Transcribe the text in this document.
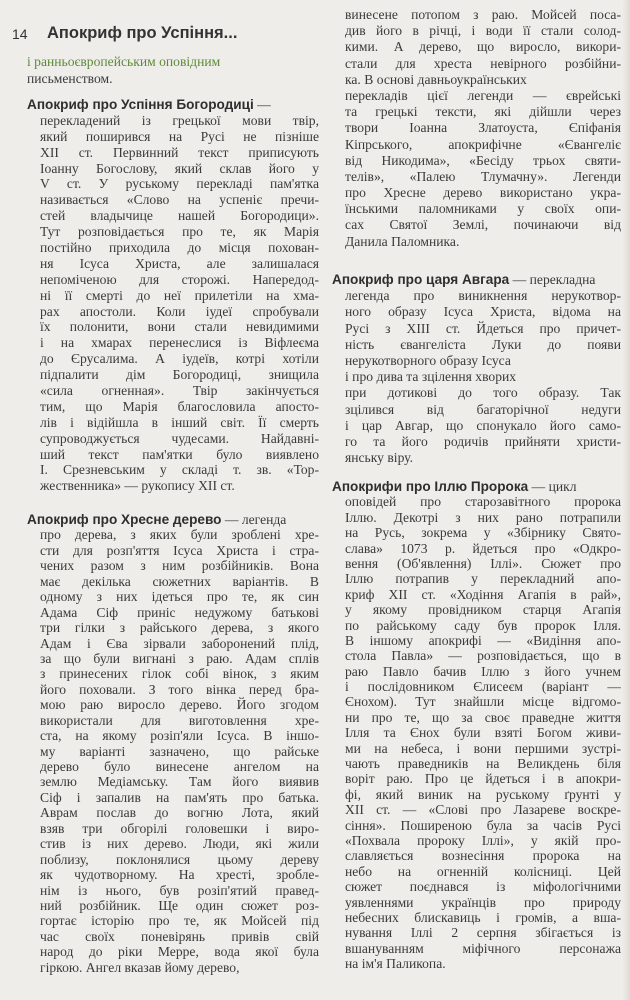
14 Апокриф про Успіння...
і ранньоєвропейським оповідним
письменством.
Апокриф про Успіння Богородиці —
перекладений із грецької мови твір,
який поширився на Русі не пізніше
XII ст. Первинний текст приписують
Іоанну Богослову, який склав його у
V ст. У руському перекладі пам'ятка
називається «Слово на успеніє пречи-
стей владычице нашей Богородици».
Тут розповідається про те, як Марія
постійно приходила до місця похован-
ня Ісуса Христа, але залишалася
непоміченою для сторожі. Напередод-
ні її смерті до неї прилетіли на хма-
рах апостоли. Коли іудеї спробували
їх полонити, вони стали невидимими
і на хмарах перенеслися із Віфлеєма
до Єрусалима. А іудеїв, котрі хотіли
підпалити дім Богородиці, знищила
«сила огненная». Твір закінчується
тим, що Марія благословила апосто-
лів і відійшла в інший світ. Її смерть
супроводжується чудесами. Найдавні-
ший текст пам'ятки було виявлено
І. Срезневським у складі т. зв. «Тор-
жественника» — рукопису XII ст.
Апокриф про Хресне дерево — легенда
про дерева, з яких були зроблені хре-
сти для розп'яття Ісуса Христа і стра-
чених разом з ним розбійників. Вона
має декілька сюжетних варіантів. В
одному з них ідеться про те, як син
Адама Сіф приніс недужому батькові
три гілки з райського дерева, з якого
Адам і Єва зірвали заборонений плід,
за що були вигнані з раю. Адам сплів
з принесених гілок собі вінок, з яким
його поховали. З того вінка перед бра-
мою раю виросло дерево. Його згодом
використали для виготовлення хре-
ста, на якому розіп'яли Ісуса. В іншо-
му варіанті зазначено, що райське
дерево було винесене ангелом на
землю Медіамську. Там його виявив
Сіф і запалив на пам'ять про батька.
Аврам послав до вогню Лота, який
взяв три обгорілі головешки і виро-
стив із них дерево. Люди, які жили
поблизу, поклонялися цьому дереву
як чудотворному. На хресті, зробле-
нім із нього, був розіп'ятий правед-
ний розбійник. Ще один сюжет роз-
гортає історію про те, як Мойсей під
час своїх поневірянь привів свій
народ до ріки Мерре, вода якої була
гіркою. Ангел вказав йому дерево,
винесене потопом з раю. Мойсей поса-
див його в річці, і води її стали солод-
кими. А дерево, що виросло, викори-
стали для хреста невірного розбійни-
ка. В основі давньоукраїнських
перекладів цієї легенди — єврейські
та грецькі тексти, які дійшли через
твори Іоанна Златоуста, Єпіфанія
Кіпрського, апокрифічне «Євангеліє
від Никодима», «Бесіду трьох святи-
телів», «Палею Тлумачну». Легенди
про Хресне дерево використано укра-
їнськими паломниками у своїх опи-
сах Святої Землі, починаючи від
Данила Паломника.
Апокриф про царя Авгара — перекладна
легенда про виникнення нерукотвор-
ного образу Ісуса Христа, відома на
Русі з XIII ст. Йдеться про причет-
ність євангеліста Луки до появи
нерукотворного образу Ісуса
і про дива та зцілення хворих
при дотикові до того образу. Так
зцілився від багаторічної недуги
і цар Авгар, що спонукало його само-
го та його родичів прийняти христи-
янську віру.
Апокрифи про Іллю Пророка — цикл
оповідей про старозавітного пророка
Іллю. Декотрі з них рано потрапили
на Русь, зокрема у «Збірнику Свято-
слава» 1073 р. йдеться про «Одкро-
вення (Об'явлення) Іллі». Сюжет про
Іллю потрапив у перекладний апо-
криф XII ст. «Ходіння Агапія в рай»,
у якому провідником старця Агапія
по райському саду був пророк Ілля.
В іншому апокрифі — «Видіння апо-
стола Павла» — розповідається, що в
раю Павло бачив Іллю з його учнем
і послідовником Єлисеєм (варіант —
Єнохом). Тут знайшли місце відгомо-
ни про те, що за своє праведне життя
Ілля та Єнох були взяті Богом живи-
ми на небеса, і вони першими зустрі-
чають праведників на Великдень біля
воріт раю. Про це йдеться і в апокри-
фі, який виник на руському ґрунті у
XII ст. — «Слові про Лазареве воскре-
сіння». Поширеною була за часів Русі
«Похвала пророку Іллі», у якій про-
славляється вознесіння пророка на
небо на огненній колісниці. Цей
сюжет поєднався із міфологічними
уявленнями українців про природу
небесних блискавиць і громів, а вша-
нування Іллі 2 серпня збігається із
вшануванням міфічного персонажа
на ім'я Паликопа.
